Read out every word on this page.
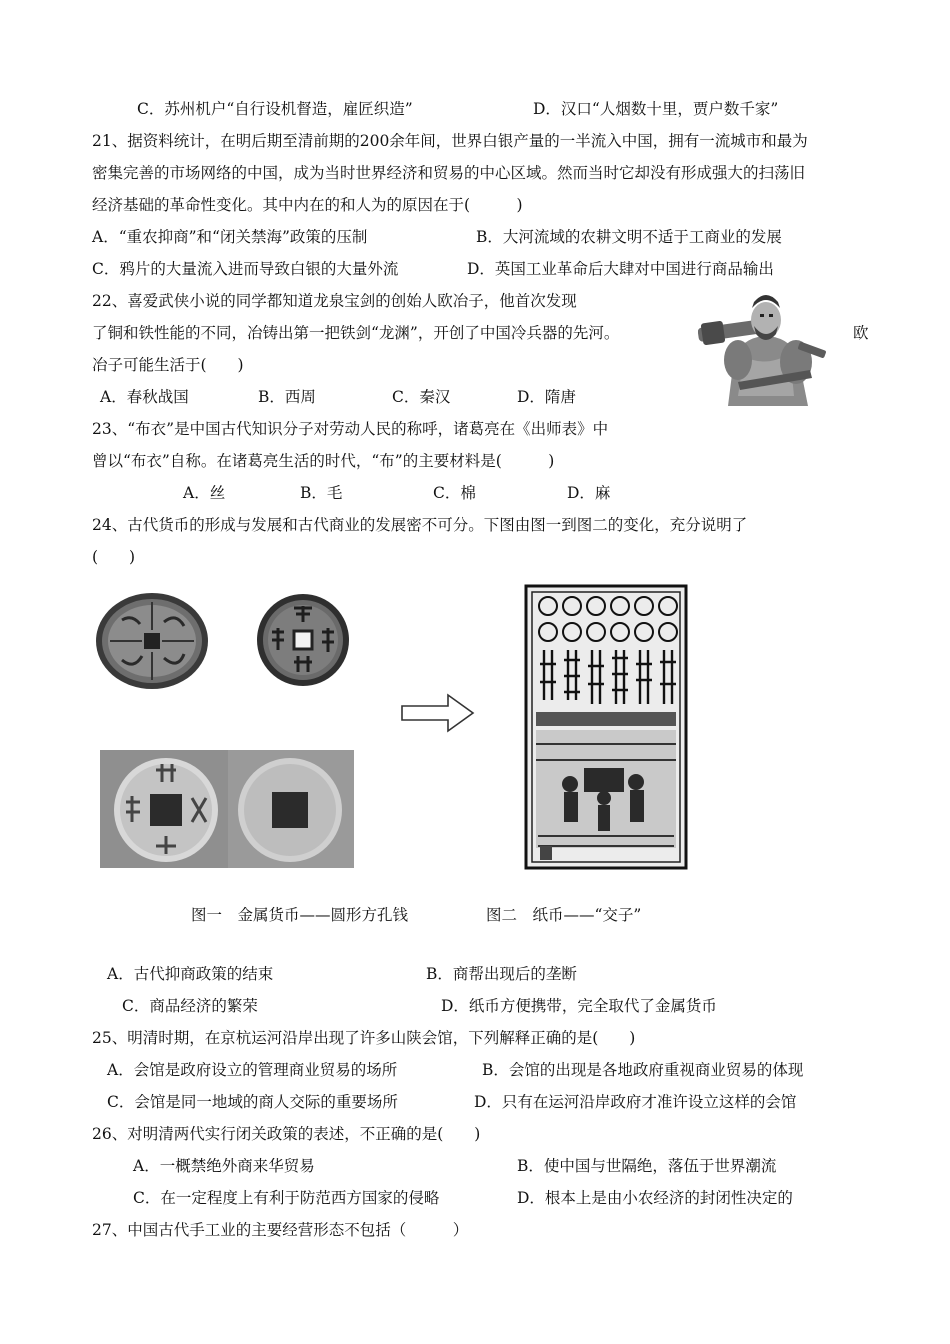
C．苏州机户“自行设机督造，雇匠织造”	D．汉口“人烟数十里，贾户数千家”
21、据资料统计，在明后期至清前期的200余年间，世界白银产量的一半流入中国，拥有一流城市和最为
密集完善的市场网络的中国，成为当时世界经济和贸易的中心区域。然而当时它却没有形成强大的扫荡旧
经济基础的革命性变化。其中内在的和人为的原因在于(　　　)
A．“重农抑商”和“闭关禁海”政策的压制	B．大河流域的农耕文明不适于工商业的发展
C．鸦片的大量流入进而导致白银的大量外流	D．英国工业革命后大肆对中国进行商品输出
22、喜爱武侠小说的同学都知道龙泉宝剑的创始人欧冶子，他首次发现
了铜和铁性能的不同，冶铸出第一把铁剑“龙渊”，开创了中国冷兵器的先河。	欧
冶子可能生活于(　　)
A．春秋战国	B．西周	C．秦汉	D．隋唐
23、“布衣”是中国古代知识分子对劳动人民的称呼，诸葛亮在《出师表》中
曾以“布衣”自称。在诸葛亮生活的时代，“布”的主要材料是(　　　)
A．丝	B．毛	C．棉	D．麻
24、古代货币的形成与发展和古代商业的发展密不可分。下图由图一到图二的变化，充分说明了
(　　)
图一　金属货币——圆形方孔钱	图二　纸币——“交子”
A．古代抑商政策的结束	B．商帮出现后的垄断
C．商品经济的繁荣	D．纸币方便携带，完全取代了金属货币
25、明清时期，在京杭运河沿岸出现了许多山陕会馆，下列解释正确的是(　　)
A．会馆是政府设立的管理商业贸易的场所	B．会馆的出现是各地政府重视商业贸易的体现
C．会馆是同一地域的商人交际的重要场所	D．只有在运河沿岸政府才准许设立这样的会馆
26、对明清两代实行闭关政策的表述，不正确的是(　　)
A．一概禁绝外商来华贸易	B．使中国与世隔绝，落伍于世界潮流
C．在一定程度上有利于防范西方国家的侵略	D．根本上是由小农经济的封闭性决定的
27、中国古代手工业的主要经营形态不包括（　　　）
